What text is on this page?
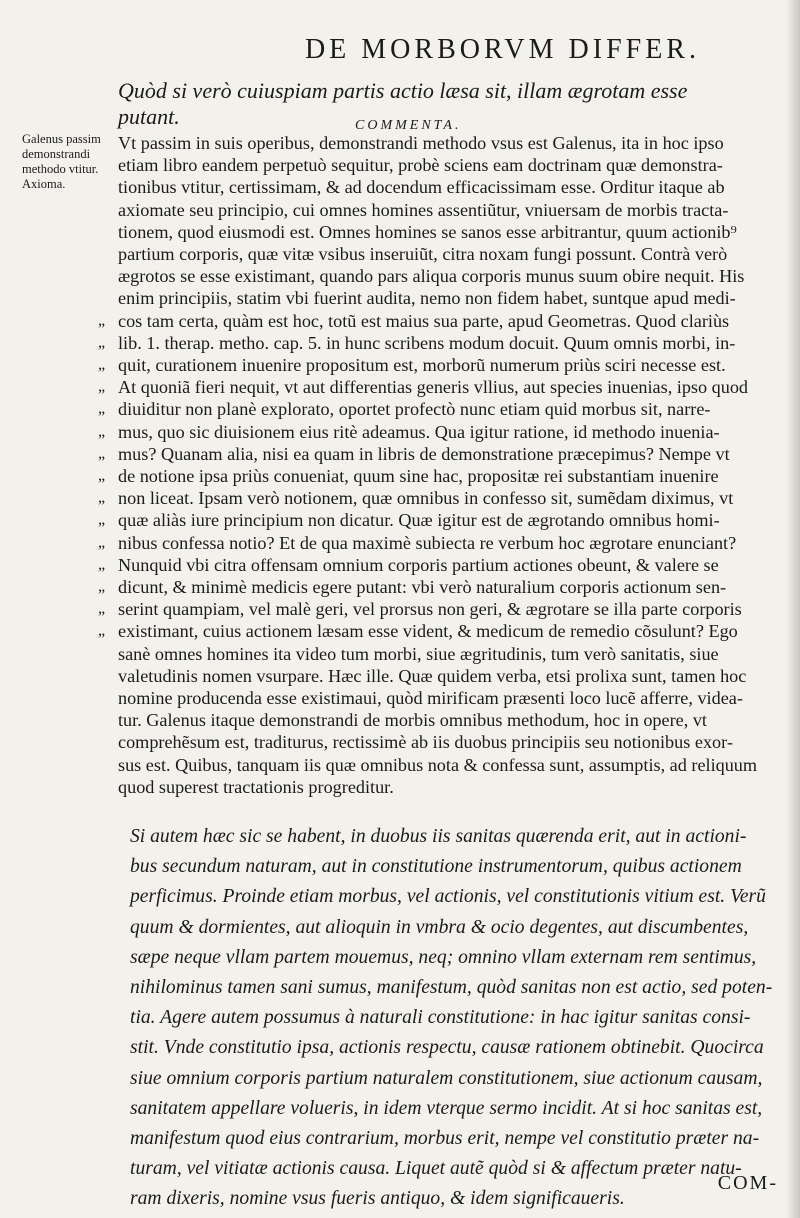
DE MORBORVM DIFFER.
Quòd si verò cuiuspiam partis actio læsa sit, illam ægrotam esse putant.	COMMENTA.
Galenus passim
demonstrandi
methodo vtitur.
Axioma.
Vt passim in suis operibus, demonstrandi methodo vsus est Galenus, ita in hoc ipso
etiam libro eandem perpetuò sequitur, probè sciens eam doctrinam quæ demonstra-
tionibus vtitur, certissimam, & ad docendum efficacissimam esse. Orditur itaque ab
axiomate seu principio, cui omnes homines assentiũtur, vniuersam de morbis tracta-
tionem, quod eiusmodi est. Omnes homines se sanos esse arbitrantur, quum actionib⁹
partium corporis, quæ vitæ vsibus inseruiũt, citra noxam fungi possunt. Contrà verò
ægrotos se esse existimant, quando pars aliqua corporis munus suum obire nequit. His
enim principiis, statim vbi fuerint audita, nemo non fidem habet, suntque apud medi-
„ cos tam certa, quàm est hoc, totũ est maius sua parte, apud Geometras. Quod clariùs
„ lib. 1. therap. metho. cap. 5. in hunc scribens modum docuit. Quum omnis morbi, in-
„ quit, curationem inuenire propositum est, morborũ numerum priùs sciri necesse est.
„ At quoniã fieri nequit, vt aut differentias generis vllius, aut species inuenias, ipso quod
„ diuiditur non planè explorato, oportet profectò nunc etiam quid morbus sit, narre-
„ mus, quo sic diuisionem eius ritè adeamus. Qua igitur ratione, id methodo inuenia-
„ mus? Quanam alia, nisi ea quam in libris de demonstratione præcepimus? Nempe vt
„ de notione ipsa priùs conueniat, quum sine hac, propositæ rei substantiam inuenire
„ non liceat. Ipsam verò notionem, quæ omnibus in confesso sit, sumẽdam diximus, vt
„ quæ aliàs iure principium non dicatur. Quæ igitur est de ægrotando omnibus homi-
„ nibus confessa notio? Et de qua maximè subiecta re verbum hoc ægrotare enunciant?
„ Nunquid vbi citra offensam omnium corporis partium actiones obeunt, & valere se
„ dicunt, & minimè medicis egere putant: vbi verò naturalium corporis actionum sen-
„ serint quampiam, vel malè geri, vel prorsus non geri, & ægrotare se illa parte corporis
„ existimant, cuius actionem læsam esse vident, & medicum de remedio cõsulunt? Ego
sanè omnes homines ita video tum morbi, siue ægritudinis, tum verò sanitatis, siue
valetudinis nomen vsurpare. Hæc ille. Quæ quidem verba, etsi prolixa sunt, tamen hoc
nomine producenda esse existimaui, quòd mirificam præsenti loco lucẽ afferre, videa-
tur. Galenus itaque demonstrandi de morbis omnibus methodum, hoc in opere, vt
comprehẽsum est, traditurus, rectissimè ab iis duobus principiis seu notionibus exor-
sus est. Quibus, tanquam iis quæ omnibus nota & confessa sunt, assumptis, ad reliquum
quod superest tractationis progreditur.
Si autem hæc sic se habent, in duobus iis sanitas quærenda erit, aut in actioni-
bus secundum naturam, aut in constitutione instrumentorum, quibus actionem
perficimus. Proinde etiam morbus, vel actionis, vel constitutionis vitium est. Verũ
quum & dormientes, aut alioquin in vmbra & ocio degentes, aut discumbentes,
sæpe neque vllam partem mouemus, neq; omnino vllam externam rem sentimus,
nihilominus tamen sani sumus, manifestum, quòd sanitas non est actio, sed poten-
tia. Agere autem possumus à naturali constitutione: in hac igitur sanitas consi-
stit. Vnde constitutio ipsa, actionis respectu, causæ rationem obtinebit. Quocirca
siue omnium corporis partium naturalem constitutionem, siue actionum causam,
sanitatem appellare volueris, in idem vterque sermo incidit. At si hoc sanitas est,
manifestum quod eius contrarium, morbus erit, nempe vel constitutio præter na-
turam, vel vitiatæ actionis causa. Liquet autẽ quòd si & affectum præter natu-
ram dixeris, nomine vsus fueris antiquo, & idem significaueris.
COM-
